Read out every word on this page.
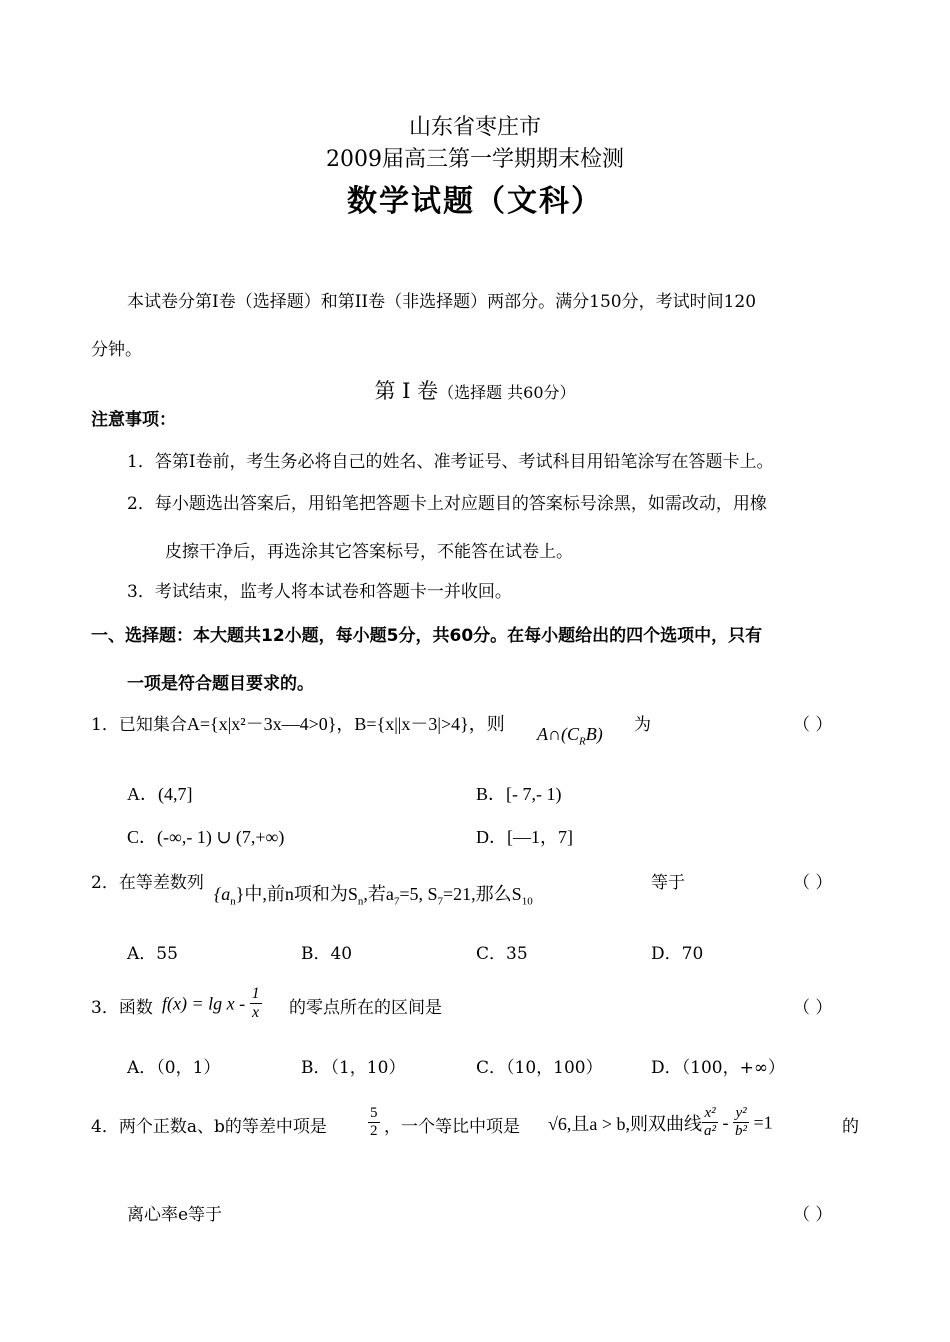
山东省枣庄市
2009届高三第一学期期末检测
数学试题（文科）
本试卷分第I卷（选择题）和第II卷（非选择题）两部分。满分150分，考试时间120
分钟。
第 I 卷（选择题 共60分）
注意事项：
1．答第I卷前，考生务必将自己的姓名、准考证号、考试科目用铅笔涂写在答题卡上。
2．每小题选出答案后，用铅笔把答题卡上对应题目的答案标号涂黑，如需改动，用橡
皮擦干净后，再选涂其它答案标号，不能答在试卷上。
3．考试结束，监考人将本试卷和答题卡一并收回。
一、选择题：本大题共12小题，每小题5分，共60分。在每小题给出的四个选项中，只有
一项是符合题目要求的。
1．已知集合A={x|x²－3x—4>0}，B={x||x－3|>4}，则 $A\cap(C_RB)$ 为	（ ）
A．(4,7]	B．[- 7,- 1)
C．(-∞,- 1) ∪ (7,+∞)	D．[—1，7]
2．在等差数列
$\{a_n\}$中,前n项和为$S_n$,若$a_7=5$, $S_7=21$,那么$S_{10}$
等于	（ ）
A．55	B．40	C．35	D．70
3．函数 $f(x) = \lg x - \frac{1}{x}$ 的零点所在的区间是	（ ）
A．（0，1）	B．（1，10）	C．（10，100）	D．（100，+∞）
4．两个正数a、b的等差中项是	$\frac{5}{2}$ ，一个等比中项是 √6,且a > b,则双曲线 $\frac{\text{x²}}{\text{a²}} - \frac{\text{y²}}{\text{b²}} =1$	的
离心率e等于	（ ）
